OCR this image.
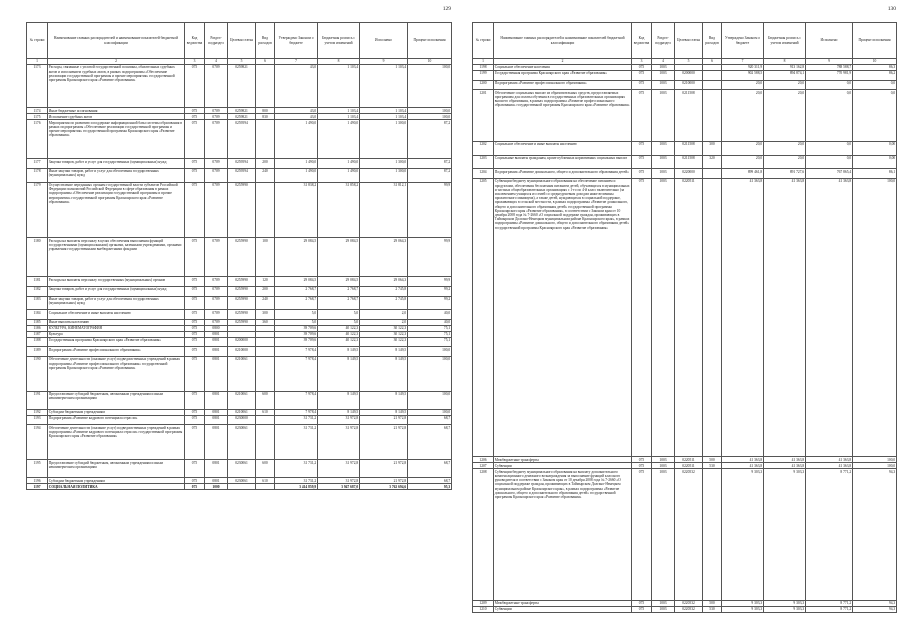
129
№ строки	Наименование главных распорядителей и наименование показателей бюджетной классификации	Код ведомства	Раздел-подраздел	Целевая статья	Вид расходов	Утверждено Законом о бюджете	Бюджетная роспись с учетом изменений	Исполнено	Процент исполнения
1	2	3	4	5	6	7	8	9	10
1173	Расходы, связанные с уплатой государственной пошлины, обязательных судебных актов и исполнением судебных актов, в рамках подпрограммы «Обеспечение реализации государственной программы и прочие мероприятия» государственной программы Красноярского края «Развитие образования»	075	0709	0259821		43,0	1 103,4	1 103,4	100,0
1174	Иные бюджетные ассигнования	075	0709	0259821	800	43,0	1 103,4	1 103,4	100,0
1175	Исполнение судебных актов	075	0709	0259821	830	43,0	1 103,4	1 103,4	100,0
1176	Мероприятия по развитию и поддержке информационной базы системы образования в рамках подпрограммы «Обеспечение реализации государственной программы и прочие мероприятия» государственной программы Красноярского края «Развитие образования»	075	0709	0259594		1 490,0	1 490,0	1 300,0	87,2
1177	Закупка товаров, работ и услуг для государственных (муниципальных) нужд	075	0709	0259594	200	1 490,0	1 490,0	1 300,0	87,2
1178	Иные закупки товаров, работ и услуг для обеспечения государственных (муниципальных) нужд	075	0709	0259594	240	1 490,0	1 490,0	1 300,0	87,2
1179	Осуществление переданных органам государственной власти субъектов Российской Федерации полномочий Российской Федерации в сфере образования в рамках подпрограммы «Обеспечение реализации государственной программы и прочие мероприятия» государственной программы Красноярского края «Развитие образования»	075	0709	0255990		31 838,2	31 858,2	31 812,1	99,9
1180	Расходы на выплаты персоналу в целях обеспечения выполнения функций государственными (муниципальными) органами, казенными учреждениями, органами управления государственными внебюджетными фондами	075	0709	0255990	100	29 084,5	29 084,5	29 064,3	99,9
1181	Расходы на выплаты персоналу государственных (муниципальных) органов	075	0709	0255990	120	29 084,5	29 084,5	29 064,3	99,9
1182	Закупка товаров, работ и услуг для государственных (муниципальных) нужд	075	0709	0255990	200	2 768,7	2 768,7	2 745,8	99,2
1183	Иные закупки товаров, работ и услуг для обеспечения государственных (муниципальных) нужд	075	0709	0255990	240	2 768,7	2 768,7	2 745,8	99,2
1184	Социальное обеспечение и иные выплаты населению	075	0709	0255990	300	5,0	5,0	2,0	40,0
1185	Иные выплаты населению	075	0709	0255990	360	5,0	5,0	2,0	40,0
1186	КУЛЬТУРА, КИНЕМАТОГРАФИЯ	075	0800			39 709,6	40 122,3	30 122,3	75,1
1187	Культура	075	0801			39 709,6	40 122,3	30 122,3	75,1
1188	Государственная программа Красноярского края «Развитие образования»	075	0801	0200000		39 709,6	40 122,3	30 122,3	75,1
1189	Подпрограмма «Развитие профессионального образования»	075	0801	0210000		7 978,4	8 149,5	8 149,5	100,0
1190	Обеспечение деятельности (оказание услуг) подведомственных учреждений в рамках подпрограммы «Развитие профессионального образования» государственной программы Красноярского края «Развитие образования»	075	0801	0210061		7 978,4	8 149,5	8 149,5	100,0
1191	Предоставление субсидий бюджетным, автономным учреждениям и иным некоммерческим организациям	075	0801	0210061	600	7 978,4	8 149,5	8 149,5	100,0
1192	Субсидии бюджетным учреждениям	075	0801	0210061	610	7 978,4	8 149,5	8 149,5	100,0
1193	Подпрограмма «Развитие кадрового потенциала отрасли»	075	0801	0230000		31 731,2	31 972,8	21 972,8	68,7
1194	Обеспечение деятельности (оказание услуг) подведомственных учреждений в рамках подпрограммы «Развитие кадрового потенциала отрасли» государственной программы Красноярского края «Развитие образования»	075	0801	0230061		31 731,2	31 972,8	21 972,8	68,7
1195	Предоставление субсидий бюджетным, автономным учреждениям и иным некоммерческим организациям	075	0801	0230061	600	31 731,2	31 972,8	21 972,8	68,7
1196	Субсидии бюджетным учреждениям	075	0801	0230061	610	31 731,2	31 972,8	21 972,8	68,7
1197	СОЦИАЛЬНАЯ ПОЛИТИКА	075	1000			3 414 859,9	3 947 687,0	3 762 694,6	95,3
130
№ строки	Наименование главных распорядителей и наименование показателей бюджетной классификации	Код ведомства	Раздел-подраздел	Целевая статья	Вид расходов	Утверждено Законом о бюджете	Бюджетная роспись с учетом изменений	Исполнено	Процент исполнения
1	2	3	4	5	6	7	8	9	10
1198	Социальное обеспечение населения	075	1003			920 311,9	913 162,8	788 588,7	86,3
1199	Государственная программа Красноярского края «Развитие образования»	075	1003	0200000		902 588,5	894 874,1	770 981,9	86,2
1200	Подпрограмма «Развитие профессионального образования»	075	1003	0210000		20,0	20,0	0,0	0,0
1201	Обеспечение социальных выплат из образовательных средств, предоставляемых программам для оплаты обучения в государственных образовательных организациях высшего образования, в рамках подпрограммы «Развитие профессионального образования» государственной программы Красноярского края «Развитие образования»	075	1003	0211508		20,0	20,0	0,0	0,0
1202	Социальное обеспечение и иные выплаты населению	075	1003	0211508	300	20,0	20,0	0,0	0,00
1203	Социальные выплаты гражданам, кроме публичных нормативных социальных выплат	075	1003	0211508	320	20,0	20,0	0,0	0,00
1204	Подпрограмма «Развитие дошкольного, общего и дополнительного образования детей»	075	1003	0220000		899 461,8	891 727,6	767 865,4	86,1
1205	Субвенции бюджету муниципального образования на обеспечение питанием и продуктами, обеспечения бесплатным питанием детей, обучающихся в муниципальных и частных общеобразовательных организациях с 1-го по 4-й класс включительно (за исключением учащихся из семей со среднедушевым доходом ниже величины прожиточного минимума), а также детей, нуждающихся в социальной поддержке, проживающих в сельской местности, в рамках подпрограммы «Развитие дошкольного, общего и дополнительного образования детей» государственной программы Красноярского края «Развитие образования», в соответствии с Законом края от 10 декабря 2008 года № 7-2660 «О социальной поддержке граждан, проживающих в Таймырском Долгано-Ненецком муниципальном районе Красноярского края», в рамках подпрограммы «Развитие дошкольного, общего и дополнительного образования детей» государственной программы Красноярского края «Развитие образования»	075	1003	0220511		41 363,8	41 363,8	41 363,8	100,0
1206	Межбюджетные трансферты	075	1003	0220511	500	41 363,8	41 363,8	41 363,8	100,0
1207	Субвенции	075	1003	0220511	530	41 363,8	41 363,8	41 363,8	100,0
1208	Субвенции бюджету муниципального образования на выплату дополнительного компенсационного денежного вознаграждения за выполнение функций классного руководителя в соответствии с Законом края от 10 декабря 2008 года № 7-2660 «О социальной поддержке граждан, проживающих в Таймырском Долгано-Ненецком муниципальном районе Красноярского края», в рамках подпрограммы «Развитие дошкольного, общего и дополнительного образования детей» государственной программы Красноярского края «Развитие образования»	075	1003	0220532		9 303,3	9 303,3	8 771,2	94,3
1209	Межбюджетные трансферты	075	1003	0220532	500	9 303,3	9 303,3	8 771,2	94,3
1210	Субвенции	075	1003	0220532	530	9 303,3	9 303,3	8 771,2	94,3
